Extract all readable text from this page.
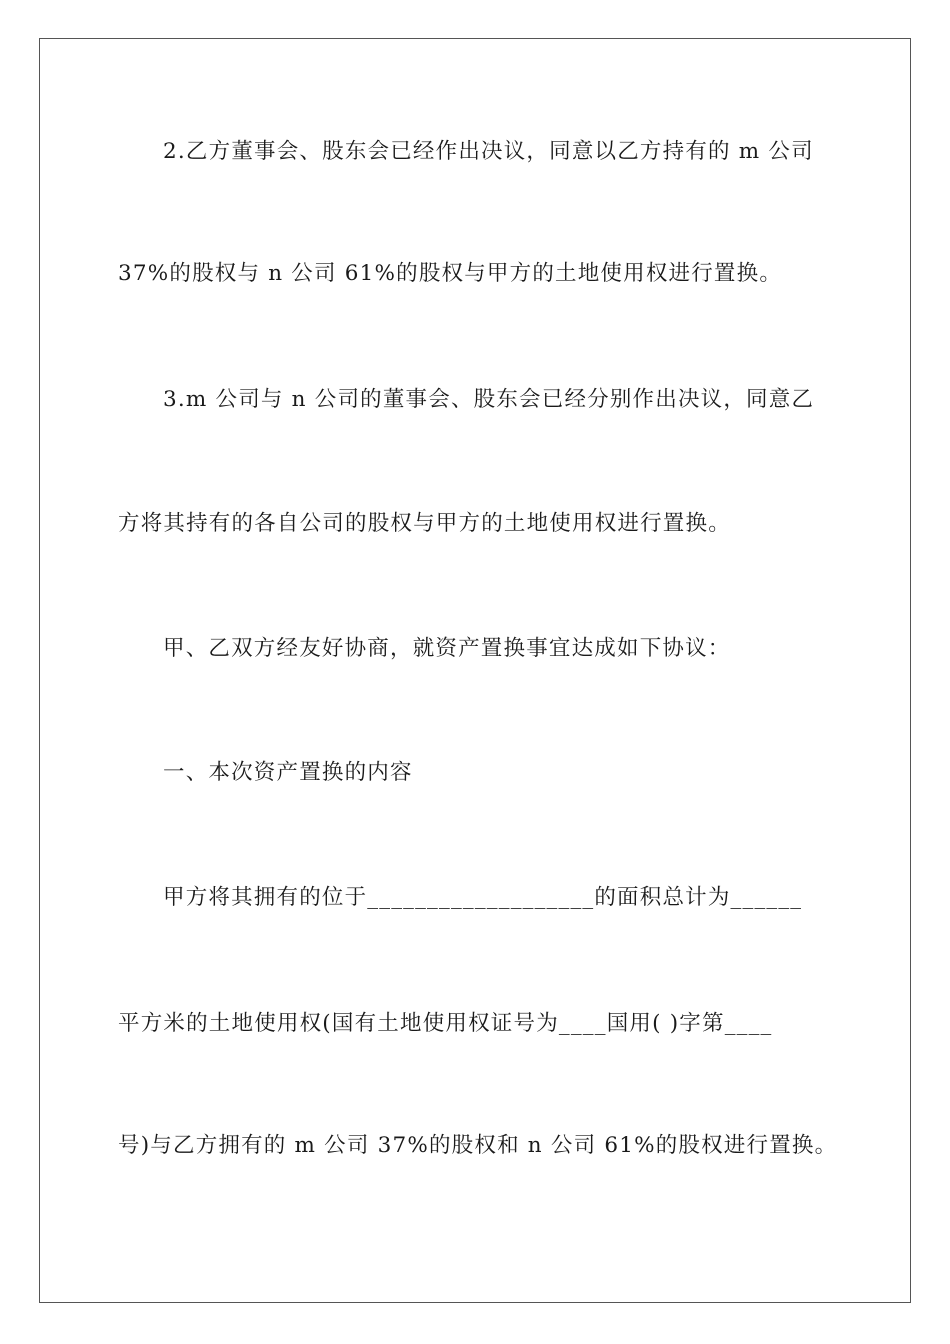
2.乙方董事会、股东会已经作出决议，同意以乙方持有的 m 公司
37%的股权与 n 公司 61%的股权与甲方的土地使用权进行置换。
3.m 公司与 n 公司的董事会、股东会已经分别作出决议，同意乙
方将其持有的各自公司的股权与甲方的土地使用权进行置换。
甲、乙双方经友好协商，就资产置换事宜达成如下协议：
一、本次资产置换的内容
甲方将其拥有的位于___________________的面积总计为______
平方米的土地使用权(国有土地使用权证号为____国用( )字第____
号)与乙方拥有的 m 公司 37%的股权和 n 公司 61%的股权进行置换。
